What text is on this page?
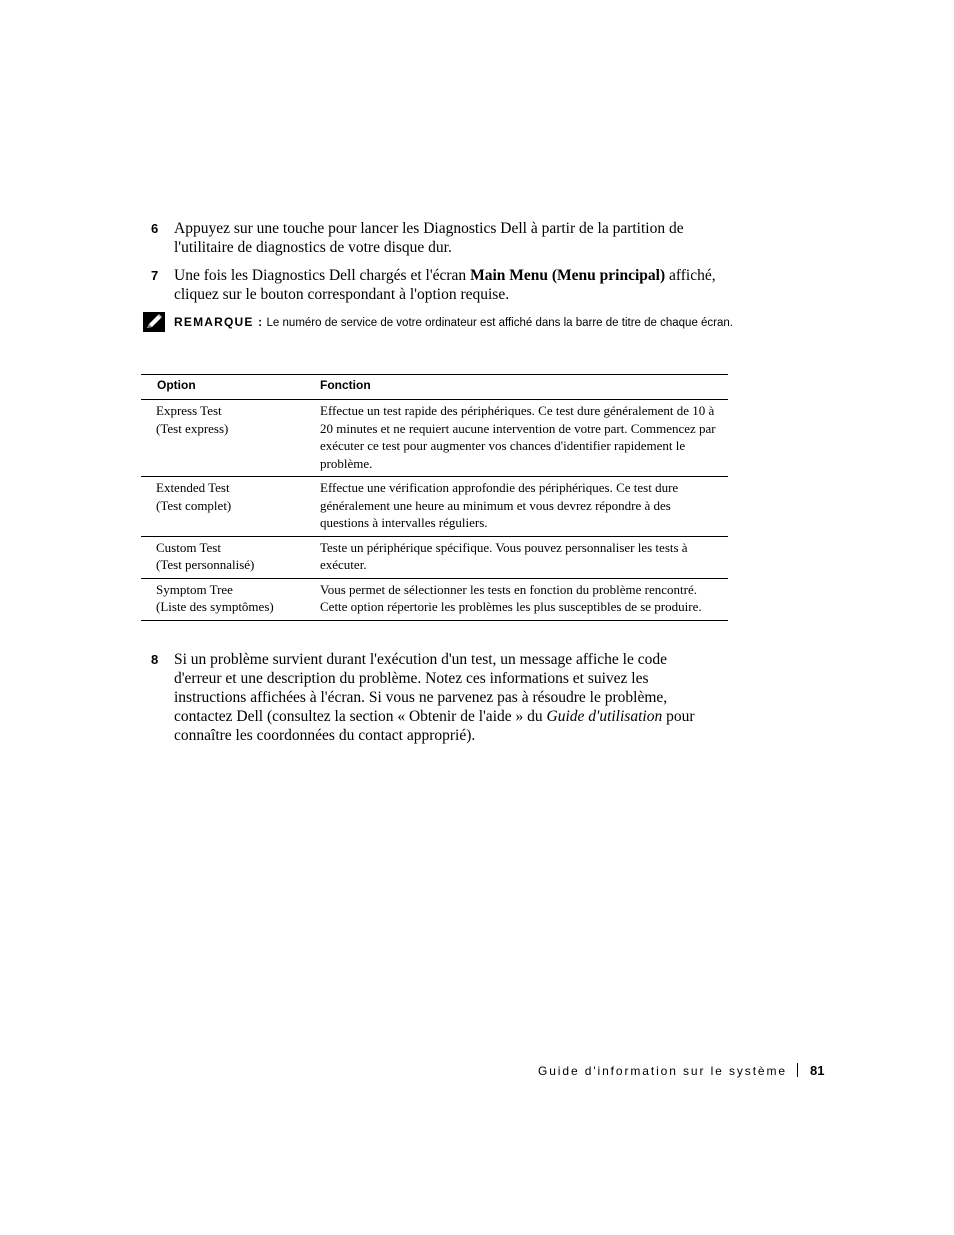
6 Appuyez sur une touche pour lancer les Diagnostics Dell à partir de la partition de l'utilitaire de diagnostics de votre disque dur.

7 Une fois les Diagnostics Dell chargés et l'écran Main Menu (Menu principal) affiché, cliquez sur le bouton correspondant à l'option requise.

REMARQUE : Le numéro de service de votre ordinateur est affiché dans la barre de titre de chaque écran.
Option	Fonction

Express Test
(Test express)	Effectue un test rapide des périphériques. Ce test dure généralement de 10 à 20 minutes et ne requiert aucune intervention de votre part. Commencez par exécuter ce test pour augmenter vos chances d'identifier rapidement le problème.

Extended Test
(Test complet)	Effectue une vérification approfondie des périphériques. Ce test dure généralement une heure au minimum et vous devrez répondre à des questions à intervalles réguliers.

Custom Test
(Test personnalisé)	Teste un périphérique spécifique. Vous pouvez personnaliser les tests à exécuter.

Symptom Tree
(Liste des symptômes)	Vous permet de sélectionner les tests en fonction du problème rencontré. Cette option répertorie les problèmes les plus susceptibles de se produire.
8 Si un problème survient durant l'exécution d'un test, un message affiche le code d'erreur et une description du problème. Notez ces informations et suivez les instructions affichées à l'écran. Si vous ne parvenez pas à résoudre le problème, contactez Dell (consultez la section « Obtenir de l'aide » du Guide d'utilisation pour connaître les coordonnées du contact approprié).

Guide d'information sur le système 81
